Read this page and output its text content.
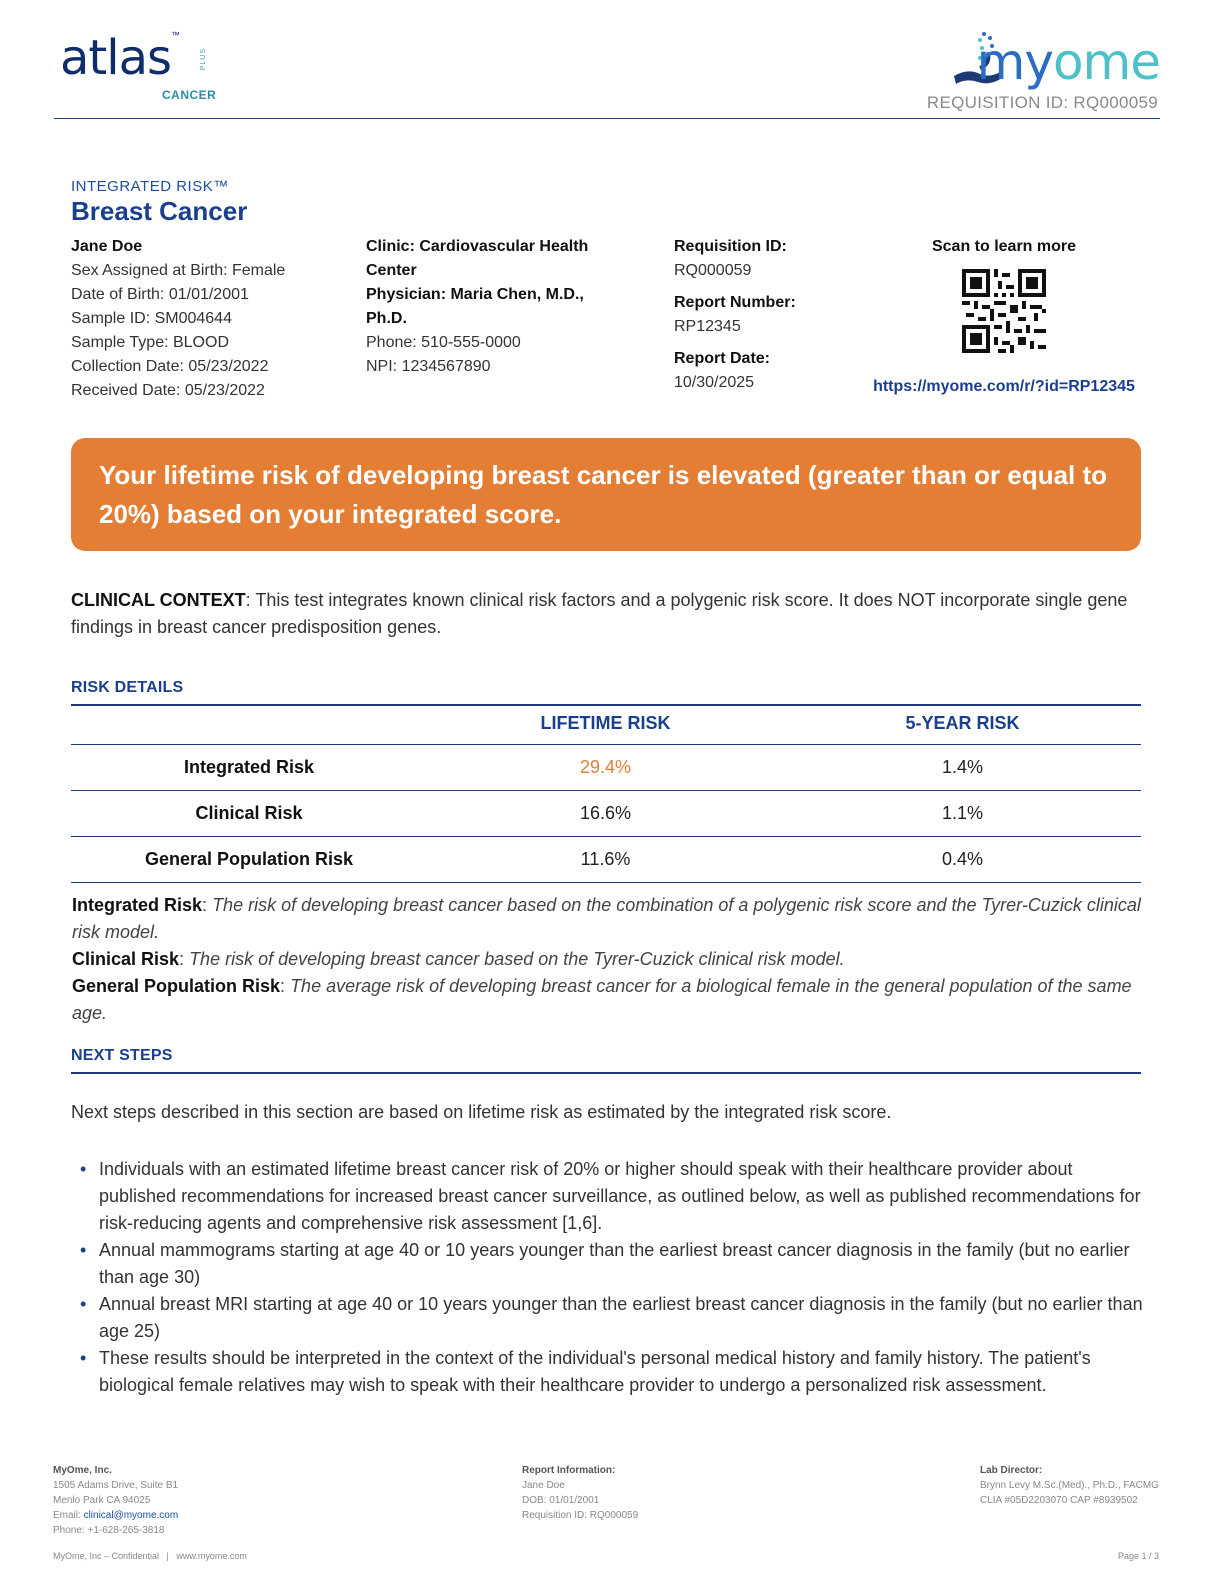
atlas™
PLUS
CANCER
myome
REQUISITION ID: RQ000059
INTEGRATED RISK™
Breast Cancer
Jane Doe
Sex Assigned at Birth: Female
Date of Birth: 01/01/2001
Sample ID: SM004644
Sample Type: BLOOD
Collection Date: 05/23/2022
Received Date: 05/23/2022
Clinic: Cardiovascular Health Center
Physician: Maria Chen, M.D., Ph.D.
Phone: 510-555-0000
NPI: 1234567890
Requisition ID:
RQ000059
Report Number:
RP12345
Report Date:
10/30/2025
Scan to learn more
https://myome.com/r/?id=RP12345
Your lifetime risk of developing breast cancer is elevated (greater than or equal to 20%) based on your integrated score.
CLINICAL CONTEXT: This test integrates known clinical risk factors and a polygenic risk score. It does NOT incorporate single gene findings in breast cancer predisposition genes.
RISK DETAILS
	LIFETIME RISK	5-YEAR RISK
Integrated Risk	29.4%	1.4%
Clinical Risk	16.6%	1.1%
General Population Risk	11.6%	0.4%
Integrated Risk: The risk of developing breast cancer based on the combination of a polygenic risk score and the Tyrer-Cuzick clinical risk model.
Clinical Risk: The risk of developing breast cancer based on the Tyrer-Cuzick clinical risk model.
General Population Risk: The average risk of developing breast cancer for a biological female in the general population of the same age.
NEXT STEPS
Next steps described in this section are based on lifetime risk as estimated by the integrated risk score.
• Individuals with an estimated lifetime breast cancer risk of 20% or higher should speak with their healthcare provider about published recommendations for increased breast cancer surveillance, as outlined below, as well as published recommendations for risk-reducing agents and comprehensive risk assessment [1,6].
• Annual mammograms starting at age 40 or 10 years younger than the earliest breast cancer diagnosis in the family (but no earlier than age 30)
• Annual breast MRI starting at age 40 or 10 years younger than the earliest breast cancer diagnosis in the family (but no earlier than age 25)
• These results should be interpreted in the context of the individual's personal medical history and family history. The patient's biological female relatives may wish to speak with their healthcare provider to undergo a personalized risk assessment.
MyOme, Inc.
1505 Adams Drive, Suite B1
Menlo Park CA 94025
Email: clinical@myome.com
Phone: +1-628-265-3818
Report Information:
Jane Doe
DOB: 01/01/2001
Requisition ID: RQ000059
Lab Director:
Brynn Levy M.Sc.(Med)., Ph.D., FACMG
CLIA #05D2203070 CAP #8939502
MyOme, Inc – Confidential   |   www.myome.com	Page 1 / 3
